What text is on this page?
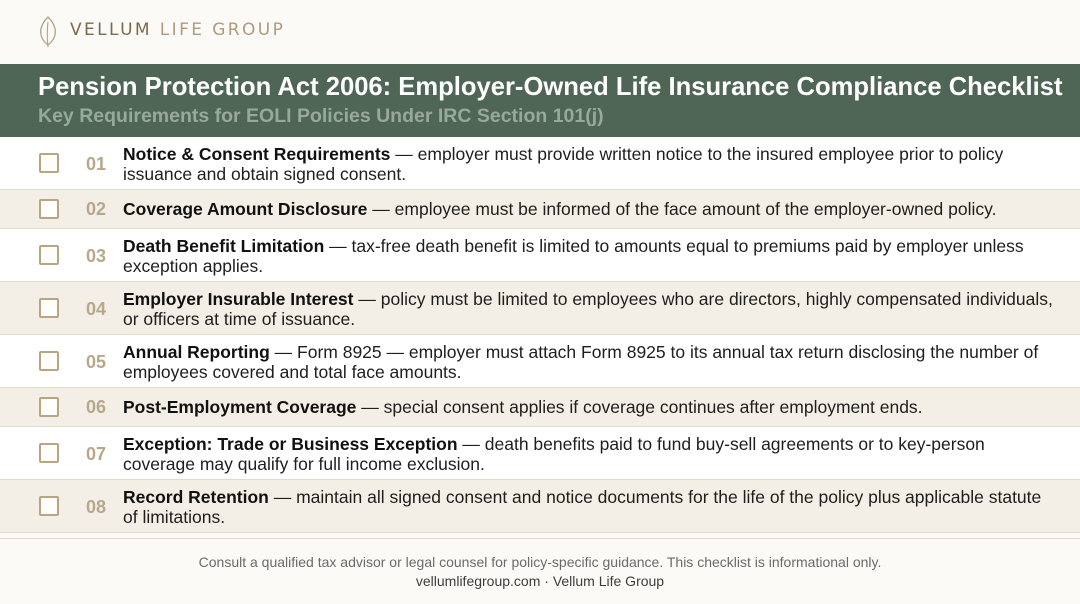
VELLUM LIFE GROUP
Pension Protection Act 2006: Employer-Owned Life Insurance Compliance Checklist
Key Requirements for EOLI Policies Under IRC Section 101(j)
01 Notice & Consent Requirements — employer must provide written notice to the insured employee prior to policy issuance and obtain signed consent.
02 Coverage Amount Disclosure — employee must be informed of the face amount of the employer-owned policy.
03 Death Benefit Limitation — tax-free death benefit is limited to amounts equal to premiums paid by employer unless exception applies.
04 Employer Insurable Interest — policy must be limited to employees who are directors, highly compensated individuals, or officers at time of issuance.
05 Annual Reporting — Form 8925 — employer must attach Form 8925 to its annual tax return disclosing the number of employees covered and total face amounts.
06 Post-Employment Coverage — special consent applies if coverage continues after employment ends.
07 Exception: Trade or Business Exception — death benefits paid to fund buy-sell agreements or to key-person coverage may qualify for full income exclusion.
08 Record Retention — maintain all signed consent and notice documents for the life of the policy plus applicable statute of limitations.
Consult a qualified tax advisor or legal counsel for policy-specific guidance. This checklist is informational only.
vellumlifegroup.com · Vellum Life Group
